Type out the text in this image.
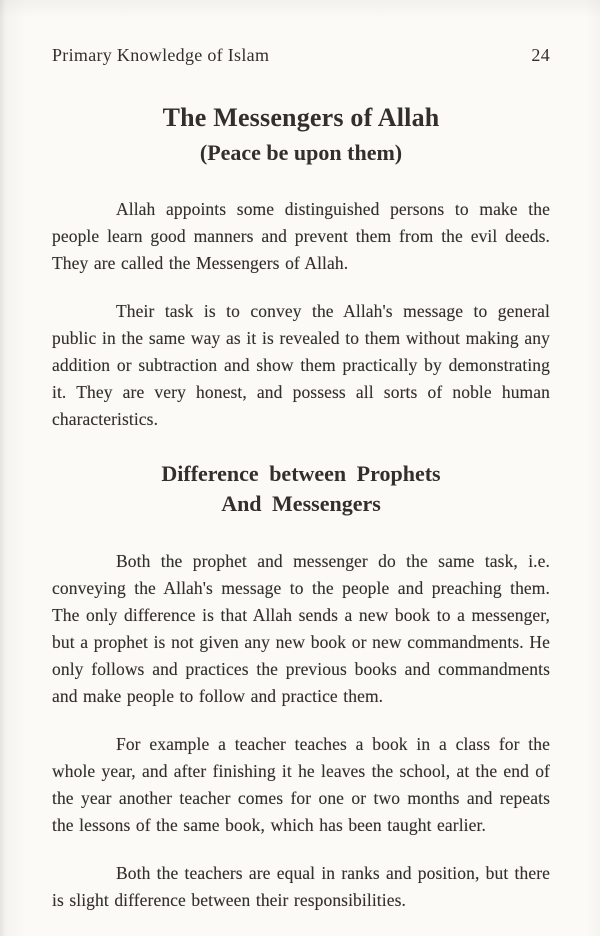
Primary Knowledge of Islam	24
The Messengers of Allah
(Peace be upon them)

Allah appoints some distinguished persons to make the people learn good manners and prevent them from the evil deeds. They are called the Messengers of Allah.

Their task is to convey the Allah's message to general public in the same way as it is revealed to them without making any addition or subtraction and show them practically by demonstrating it. They are very honest, and possess all sorts of noble human characteristics.

Difference between Prophets
And Messengers

Both the prophet and messenger do the same task, i.e. conveying the Allah's message to the people and preaching them. The only difference is that Allah sends a new book to a messenger, but a prophet is not given any new book or new commandments. He only follows and practices the previous books and commandments and make people to follow and practice them.

For example a teacher teaches a book in a class for the whole year, and after finishing it he leaves the school, at the end of the year another teacher comes for one or two months and repeats the lessons of the same book, which has been taught earlier.

Both the teachers are equal in ranks and position, but there is slight difference between their responsibilities.
